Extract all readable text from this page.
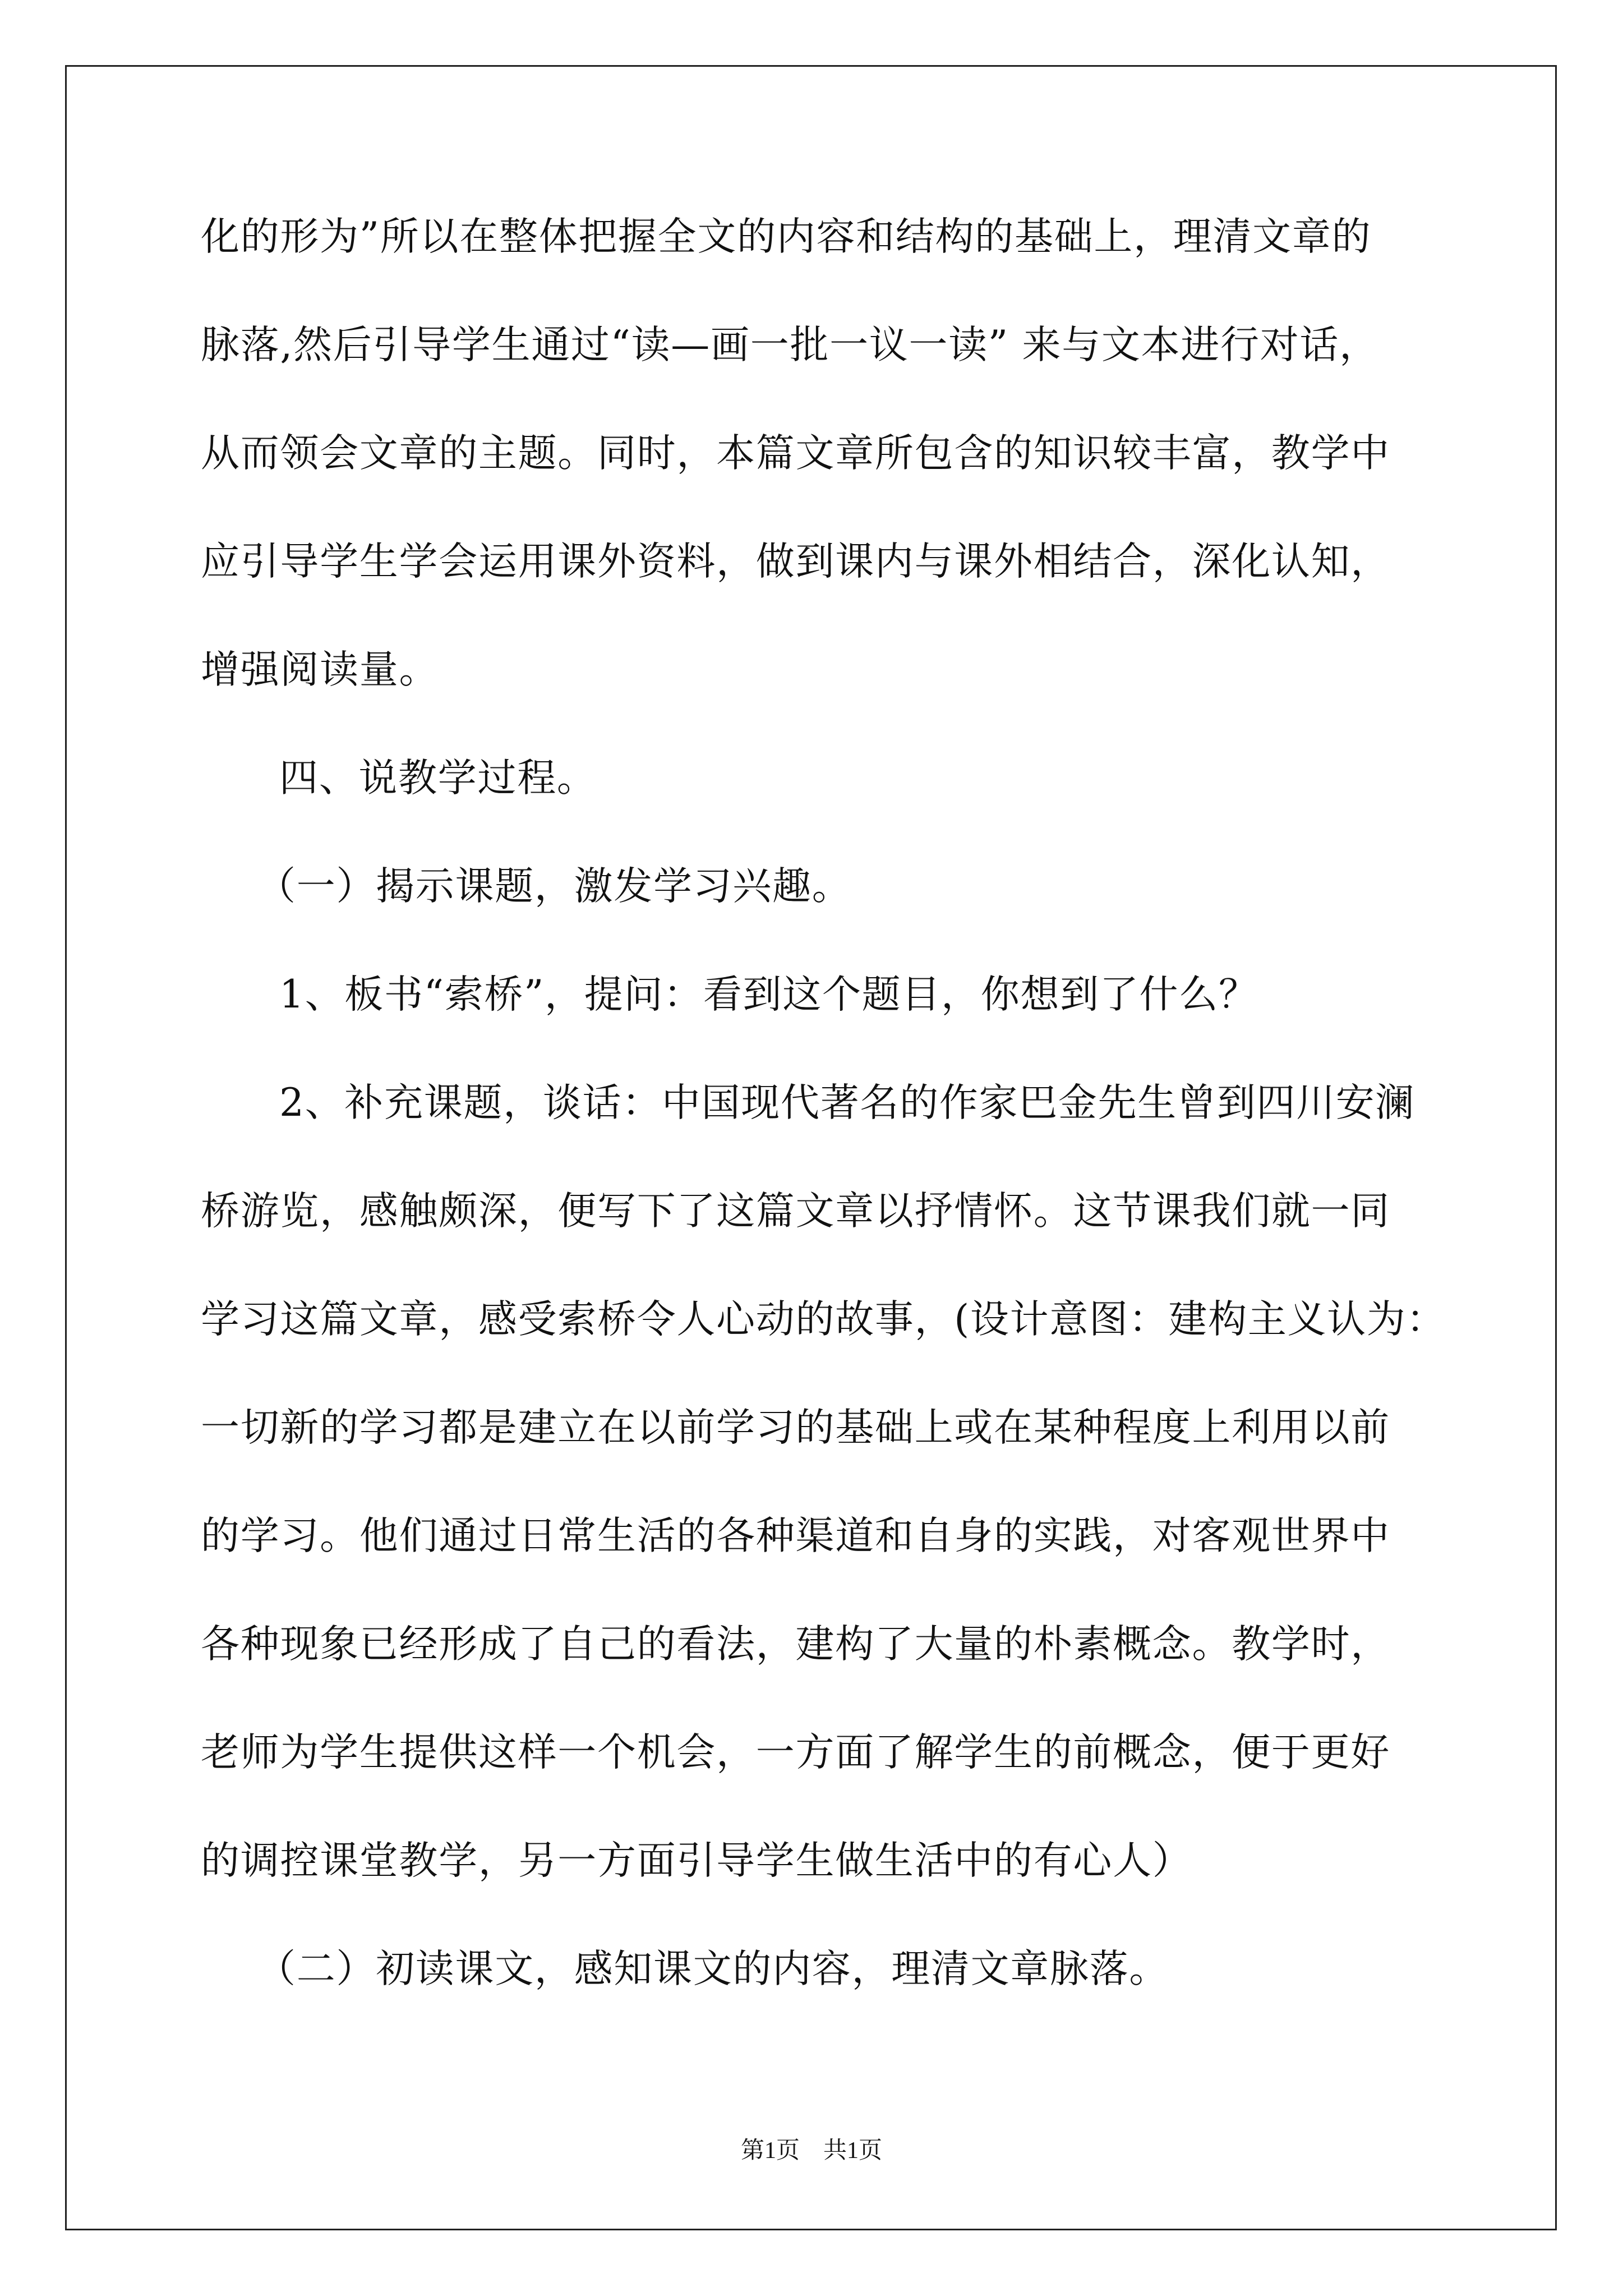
化的形为”所以在整体把握全文的内容和结构的基础上，理清文章的
脉落,然后引导学生通过“读—画一批一议一读” 来与文本进行对话，
从而领会文章的主题。同时，本篇文章所包含的知识较丰富，教学中
应引导学生学会运用课外资料，做到课内与课外相结合，深化认知，
增强阅读量。
四、说教学过程。
（一）揭示课题，激发学习兴趣。
1、板书“索桥”，提问：看到这个题目，你想到了什么？
2、补充课题，谈话：中国现代著名的作家巴金先生曾到四川安澜
桥游览，感触颇深，便写下了这篇文章以抒情怀。这节课我们就一同
学习这篇文章，感受索桥令人心动的故事，(设计意图：建构主义认为：
一切新的学习都是建立在以前学习的基础上或在某种程度上利用以前
的学习。他们通过日常生活的各种渠道和自身的实践，对客观世界中
各种现象已经形成了自己的看法，建构了大量的朴素概念。教学时，
老师为学生提供这样一个机会，一方面了解学生的前概念，便于更好
的调控课堂教学，另一方面引导学生做生活中的有心人）
（二）初读课文，感知课文的内容，理清文章脉落。
第1页　共1页
